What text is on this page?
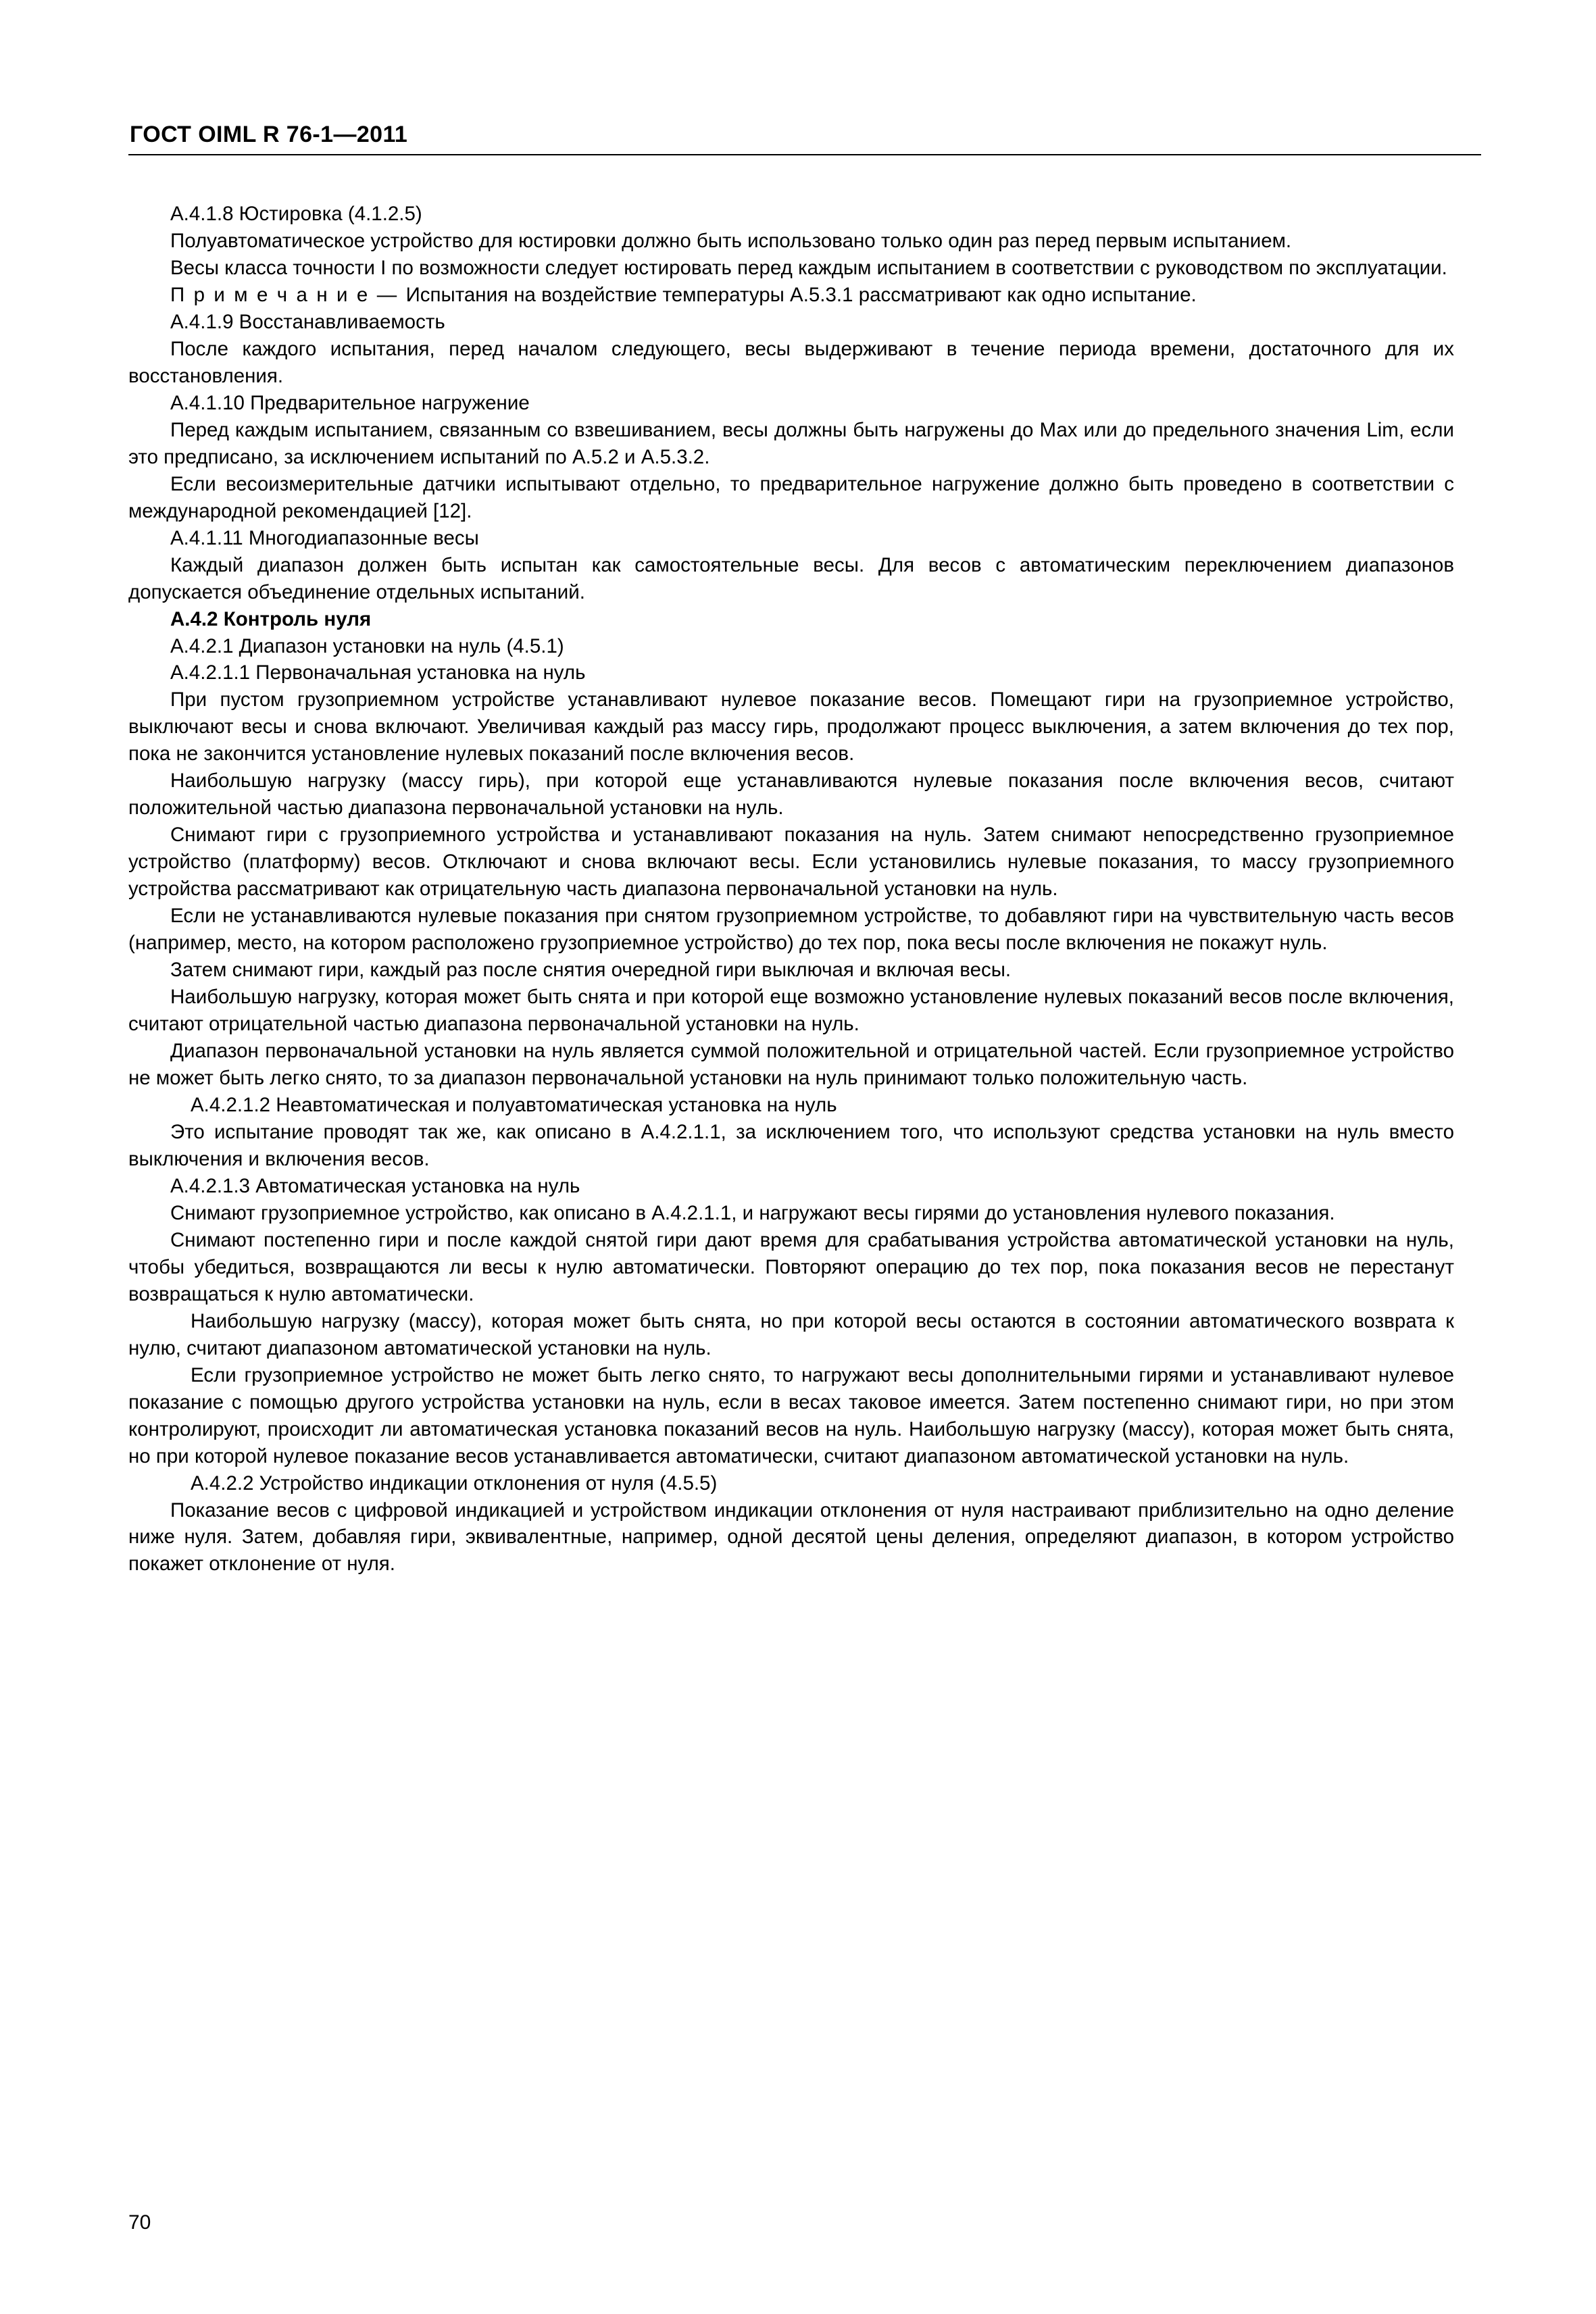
ГОСТ OIML R 76-1—2011

А.4.1.8 Юстировка (4.1.2.5)

Полуавтоматическое устройство для юстировки должно быть использовано только один раз перед первым испытанием.

Весы класса точности I по возможности следует юстировать перед каждым испытанием в соответствии с руководством по эксплуатации.

П р и м е ч а н и е — Испытания на воздействие температуры А.5.3.1 рассматривают как одно испытание.

А.4.1.9 Восстанавливаемость

После каждого испытания, перед началом следующего, весы выдерживают в течение периода времени, достаточного для их восстановления.

А.4.1.10 Предварительное нагружение

Перед каждым испытанием, связанным со взвешиванием, весы должны быть нагружены до Мах или до предельного значения Lim, если это предписано, за исключением испытаний по А.5.2 и А.5.3.2.

Если весоизмерительные датчики испытывают отдельно, то предварительное нагружение должно быть проведено в соответствии с международной рекомендацией [12].

А.4.1.11 Многодиапазонные весы

Каждый диапазон должен быть испытан как самостоятельные весы. Для весов с автоматическим переключением диапазонов допускается объединение отдельных испытаний.

А.4.2 Контроль нуля

А.4.2.1 Диапазон установки на нуль (4.5.1)

А.4.2.1.1 Первоначальная установка на нуль

При пустом грузоприемном устройстве устанавливают нулевое показание весов. Помещают гири на грузоприемное устройство, выключают весы и снова включают. Увеличивая каждый раз массу гирь, продолжают процесс выключения, а затем включения до тех пор, пока не закончится установление нулевых показаний после включения весов.

Наибольшую нагрузку (массу гирь), при которой еще устанавливаются нулевые показания после включения весов, считают положительной частью диапазона первоначальной установки на нуль.

Снимают гири с грузоприемного устройства и устанавливают показания на нуль. Затем снимают непосредственно грузоприемное устройство (платформу) весов. Отключают и снова включают весы. Если установились нулевые показания, то массу грузоприемного устройства рассматривают как отрицательную часть диапазона первоначальной установки на нуль.

Если не устанавливаются нулевые показания при снятом грузоприемном устройстве, то добавляют гири на чувствительную часть весов (например, место, на котором расположено грузоприемное устройство) до тех пор, пока весы после включения не покажут нуль.

Затем снимают гири, каждый раз после снятия очередной гири выключая и включая весы.

Наибольшую нагрузку, которая может быть снята и при которой еще возможно установление нулевых показаний весов после включения, считают отрицательной частью диапазона первоначальной установки на нуль.

Диапазон первоначальной установки на нуль является суммой положительной и отрицательной частей. Если грузоприемное устройство не может быть легко снято, то за диапазон первоначальной установки на нуль принимают только положительную часть.

А.4.2.1.2 Неавтоматическая и полуавтоматическая установка на нуль

Это испытание проводят так же, как описано в А.4.2.1.1, за исключением того, что используют средства установки на нуль вместо выключения и включения весов.

А.4.2.1.3 Автоматическая установка на нуль

Снимают грузоприемное устройство, как описано в А.4.2.1.1, и нагружают весы гирями до установления нулевого показания.

Снимают постепенно гири и после каждой снятой гири дают время для срабатывания устройства автоматической установки на нуль, чтобы убедиться, возвращаются ли весы к нулю автоматически. Повторяют операцию до тех пор, пока показания весов не перестанут возвращаться к нулю автоматически.

Наибольшую нагрузку (массу), которая может быть снята, но при которой весы остаются в состоянии автоматического возврата к нулю, считают диапазоном автоматической установки на нуль.

Если грузоприемное устройство не может быть легко снято, то нагружают весы дополнительными гирями и устанавливают нулевое показание с помощью другого устройства установки на нуль, если в весах таковое имеется. Затем постепенно снимают гири, но при этом контролируют, происходит ли автоматическая установка показаний весов на нуль. Наибольшую нагрузку (массу), которая может быть снята, но при которой нулевое показание весов устанавливается автоматически, считают диапазоном автоматической установки на нуль.

А.4.2.2 Устройство индикации отклонения от нуля (4.5.5)

Показание весов с цифровой индикацией и устройством индикации отклонения от нуля настраивают приблизительно на одно деление ниже нуля. Затем, добавляя гири, эквивалентные, например, одной десятой цены деления, определяют диапазон, в котором устройство покажет отклонение от нуля.

70
